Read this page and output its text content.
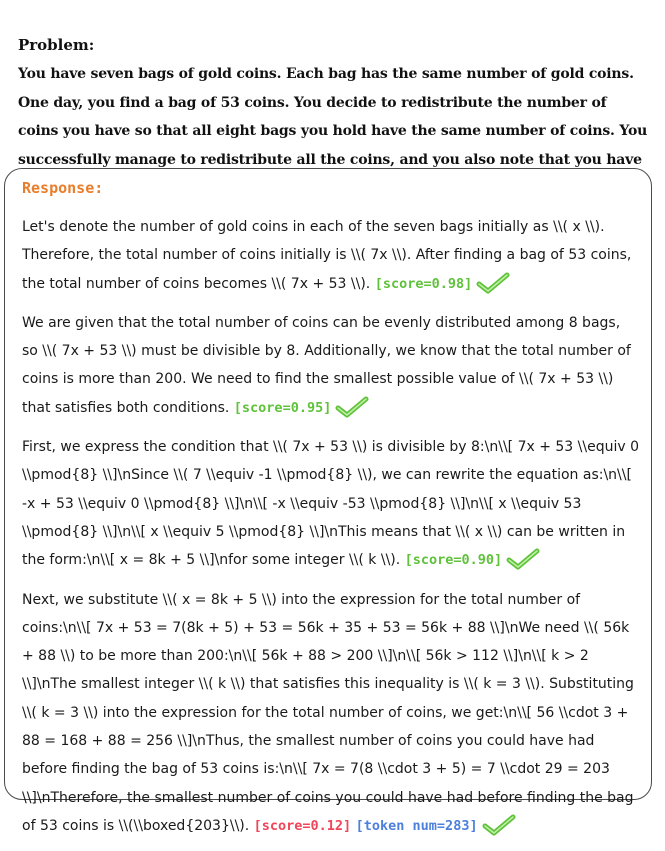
Problem:
You have seven bags of gold coins. Each bag has the same number of gold coins. One day, you find a bag of 53 coins. You decide to redistribute the number of coins you have so that all eight bags you hold have the same number of coins. You successfully manage to redistribute all the coins, and you also note that you have
Response:

Let's denote the number of gold coins in each of the seven bags initially as \\( x \\). Therefore, the total number of coins initially is \\( 7x \\). After finding a bag of 53 coins, the total number of coins becomes \\( 7x + 53 \\). [score=0.98]

We are given that the total number of coins can be evenly distributed among 8 bags, so \\( 7x + 53 \\) must be divisible by 8. Additionally, we know that the total number of coins is more than 200. We need to find the smallest possible value of \\( 7x + 53 \\) that satisfies both conditions. [score=0.95]

First, we express the condition that \\( 7x + 53 \\) is divisible by 8:\n\\[ 7x + 53 \\equiv 0 \\pmod{8} \\]\nSince \\( 7 \\equiv -1 \\pmod{8} \\), we can rewrite the equation as:\n\\[ -x + 53 \\equiv 0 \\pmod{8} \\]\n\\[ -x \\equiv -53 \\pmod{8} \\]\n\\[ x \\equiv 53 \\pmod{8} \\]\n\\[ x \\equiv 5 \\pmod{8} \\]\nThis means that \\( x \\) can be written in the form:\n\\[ x = 8k + 5 \\]\nfor some integer \\( k \\). [score=0.90]

Next, we substitute \\( x = 8k + 5 \\) into the expression for the total number of coins:\n\\[ 7x + 53 = 7(8k + 5) + 53 = 56k + 35 + 53 = 56k + 88 \\]\nWe need \\( 56k + 88 \\) to be more than 200:\n\\[ 56k + 88 > 200 \\]\n\\[ 56k > 112 \\]\n\\[ k > 2 \\]\nThe smallest integer \\( k \\) that satisfies this inequality is \\( k = 3 \\). Substituting \\( k = 3 \\) into the expression for the total number of coins, we get:\n\\[ 56 \\cdot 3 + 88 = 168 + 88 = 256 \\]\nThus, the smallest number of coins you could have had before finding the bag of 53 coins is:\n\\[ 7x = 7(8 \\cdot 3 + 5) = 7 \\cdot 29 = 203 \\]\nTherefore, the smallest number of coins you could have had before finding the bag of 53 coins is \\(\\boxed{203}\\). [score=0.12] [token num=283]
